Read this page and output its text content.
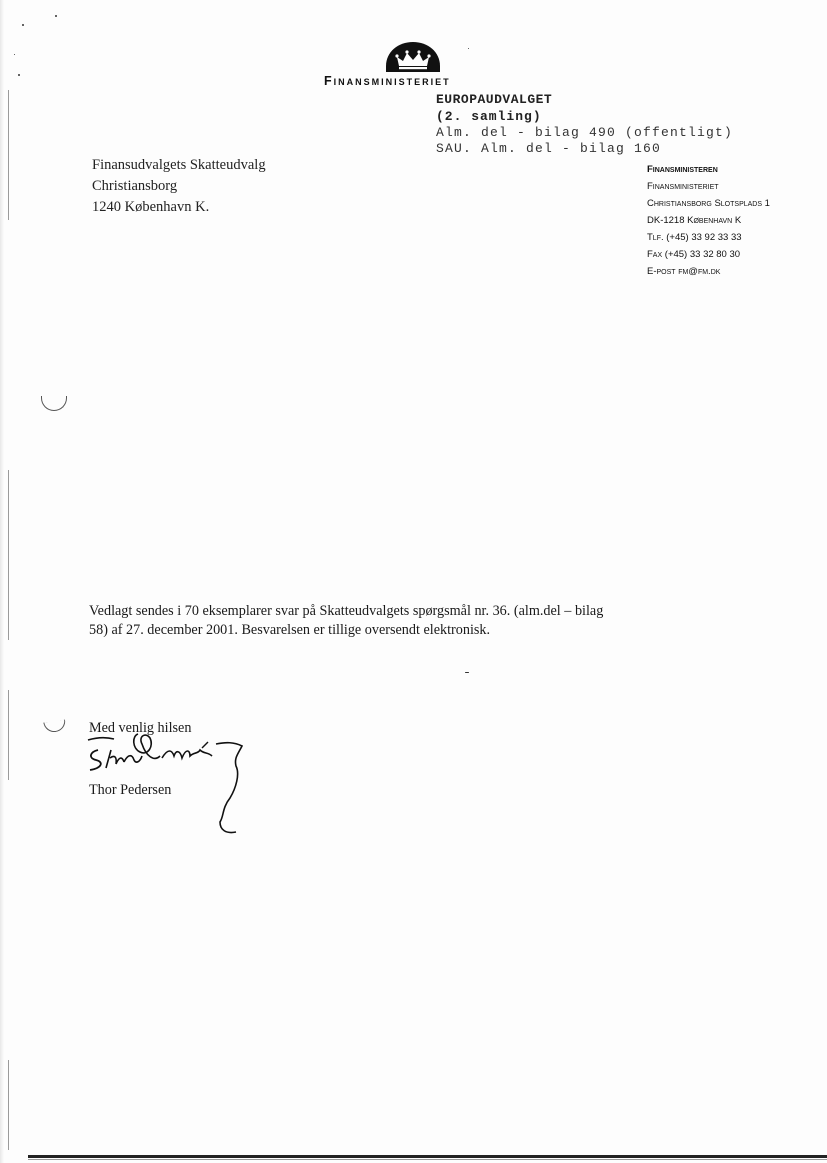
Finansministeriet
EUROPAUDVALGET
(2. samling)
Alm. del - bilag 490 (offentligt)
SAU. Alm. del - bilag 160
Finansudvalgets Skatteudvalg
Christiansborg
1240 København K.
Finansministeren
Finansministeriet
Christiansborg Slotsplads 1
DK-1218 København K
Tlf. (+45) 33 92 33 33
Fax (+45) 33 32 80 30
E-post fm@fm.dk
Vedlagt sendes i 70 eksemplarer svar på Skatteudvalgets spørgsmål nr. 36. (alm.del – bilag 58) af 27. december 2001. Besvarelsen er tillige oversendt elektronisk.
Med venlig hilsen
Thor Pedersen
